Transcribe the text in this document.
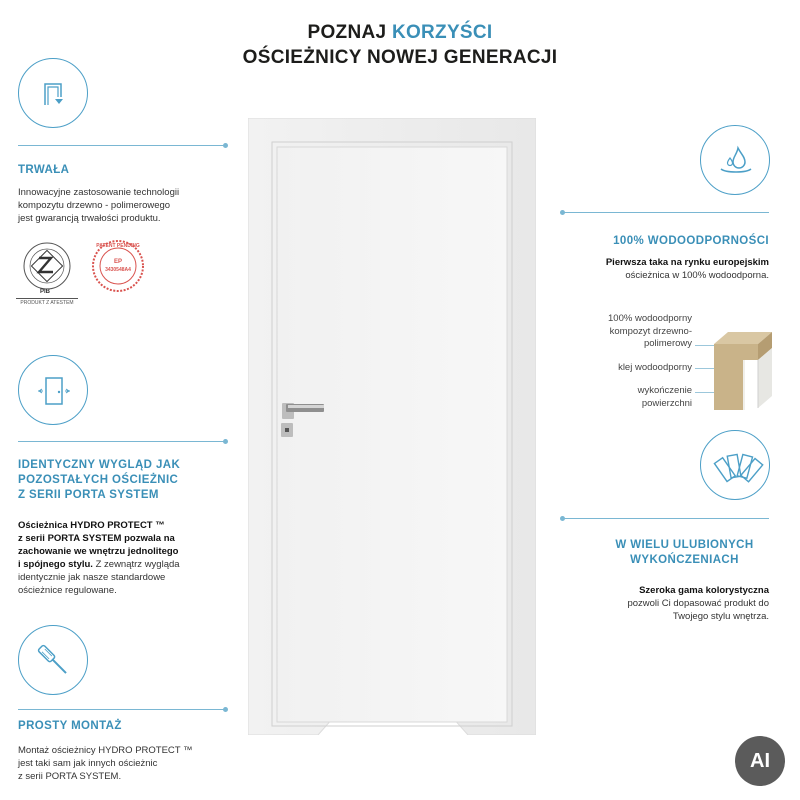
POZNAJ KORZYŚCI
OŚCIEŻNICY NOWEJ GENERACJI
TRWAŁA
Innowacyjne zastosowanie technologii
kompozytu drzewno - polimerowego
jest gwarancją trwałości produktu.
PIB
PRODUKT Z ATESTEM
PATENT PENDING
EP
3430548A4
IDENTYCZNY WYGLĄD JAK
POZOSTAŁYCH OŚCIEŻNIC
Z SERII PORTA SYSTEM
Ościeżnica HYDRO PROTECT ™
z serii PORTA SYSTEM pozwala na
zachowanie we wnętrzu jednolitego
i spójnego stylu. Z zewnątrz wygląda
identycznie jak nasze standardowe
ościeżnice regulowane.
PROSTY MONTAŻ
Montaż ościeżnicy HYDRO PROTECT ™
jest taki sam jak innych ościeżnic
z serii PORTA SYSTEM.
100% WODOODPORNOŚCI
Pierwsza taka na rynku europejskim
ościeżnica w 100% wodoodporna.
100% wodoodporny
kompozyt drzewno-
polimerowy
klej wodoodporny
wykończenie
powierzchni
W WIELU ULUBIONYCH
WYKOŃCZENIACH
Szeroka gama kolorystyczna
pozwoli Ci dopasować produkt do
Twojego stylu wnętrza.
AI
